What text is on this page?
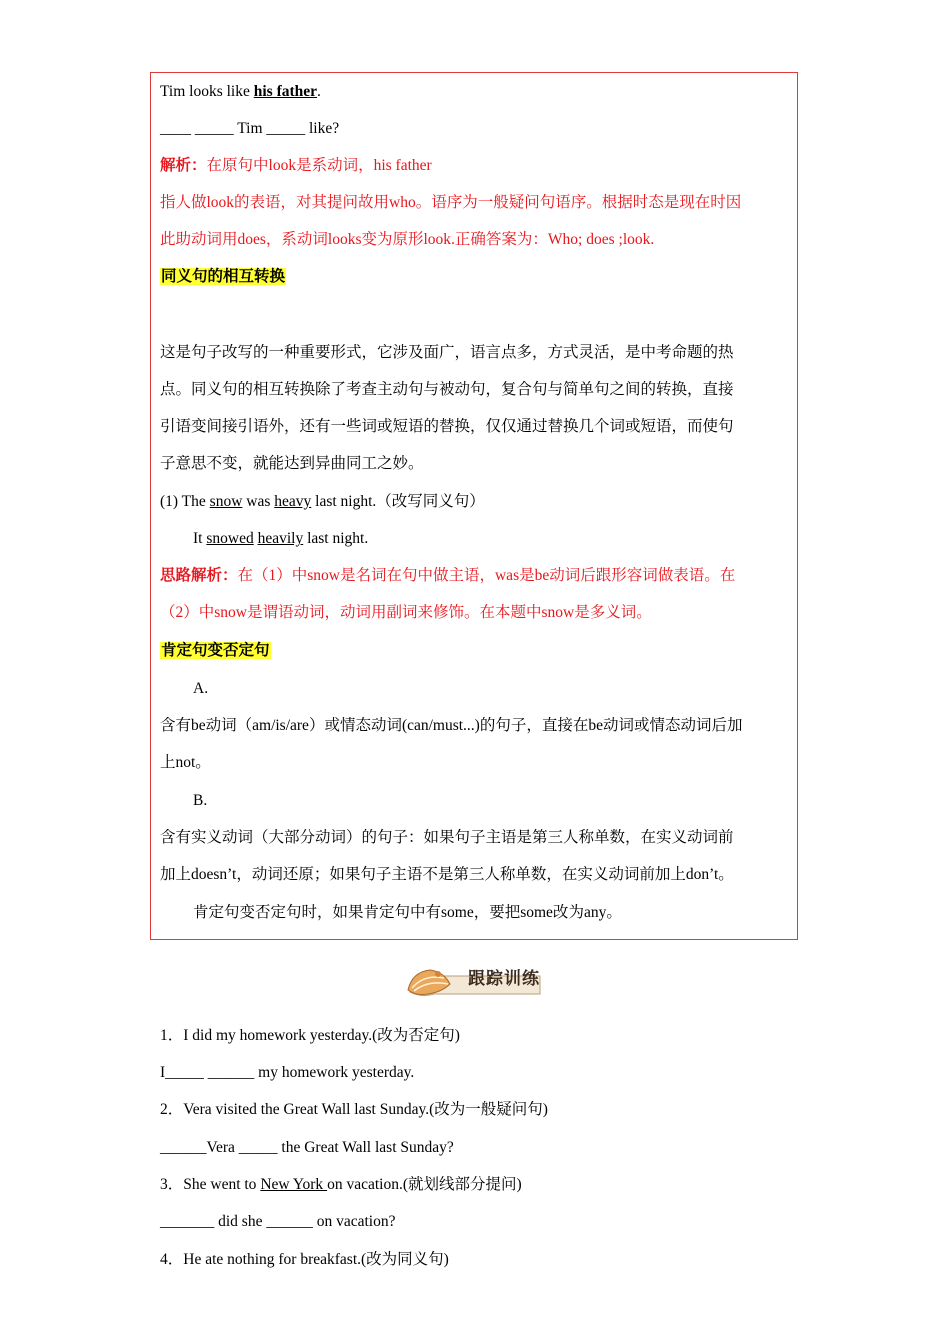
Tim looks like his father.
____ _____ Tim _____ like?
解析：在原句中look是系动词，his father
指人做look的表语，对其提问故用who。语序为一般疑问句语序。根据时态是现在时因
此助动词用does，系动词looks变为原形look.正确答案为：Who; does ;look.
同义句的相互转换
这是句子改写的一种重要形式，它涉及面广，语言点多，方式灵活，是中考命题的热
点。同义句的相互转换除了考查主动句与被动句，复合句与简单句之间的转换，直接
引语变间接引语外，还有一些词或短语的替换，仅仅通过替换几个词或短语，而使句
子意思不变，就能达到异曲同工之妙。
(1) The snow was heavy last night.（改写同义句）
It snowed heavily last night.
思路解析：在（1）中snow是名词在句中做主语，was是be动词后跟形容词做表语。在
（2）中snow是谓语动词，动词用副词来修饰。在本题中snow是多义词。
肯定句变否定句
A.
含有be动词（am/is/are）或情态动词(can/must...)的句子，直接在be动词或情态动词后加
上not。
B.
含有实义动词（大部分动词）的句子：如果句子主语是第三人称单数，在实义动词前
加上doesn’t，动词还原；如果句子主语不是第三人称单数，在实义动词前加上don’t。
肯定句变否定句时，如果肯定句中有some，要把some改为any。
跟踪训练
1．I did my homework yesterday.(改为否定句)
I_____ ______ my homework yesterday.
2．Vera visited the Great Wall last Sunday.(改为一般疑问句)
______Vera _____ the Great Wall last Sunday?
3．She went to New York on vacation.(就划线部分提问)
_______ did she ______ on vacation?
4．He ate nothing for breakfast.(改为同义句)
